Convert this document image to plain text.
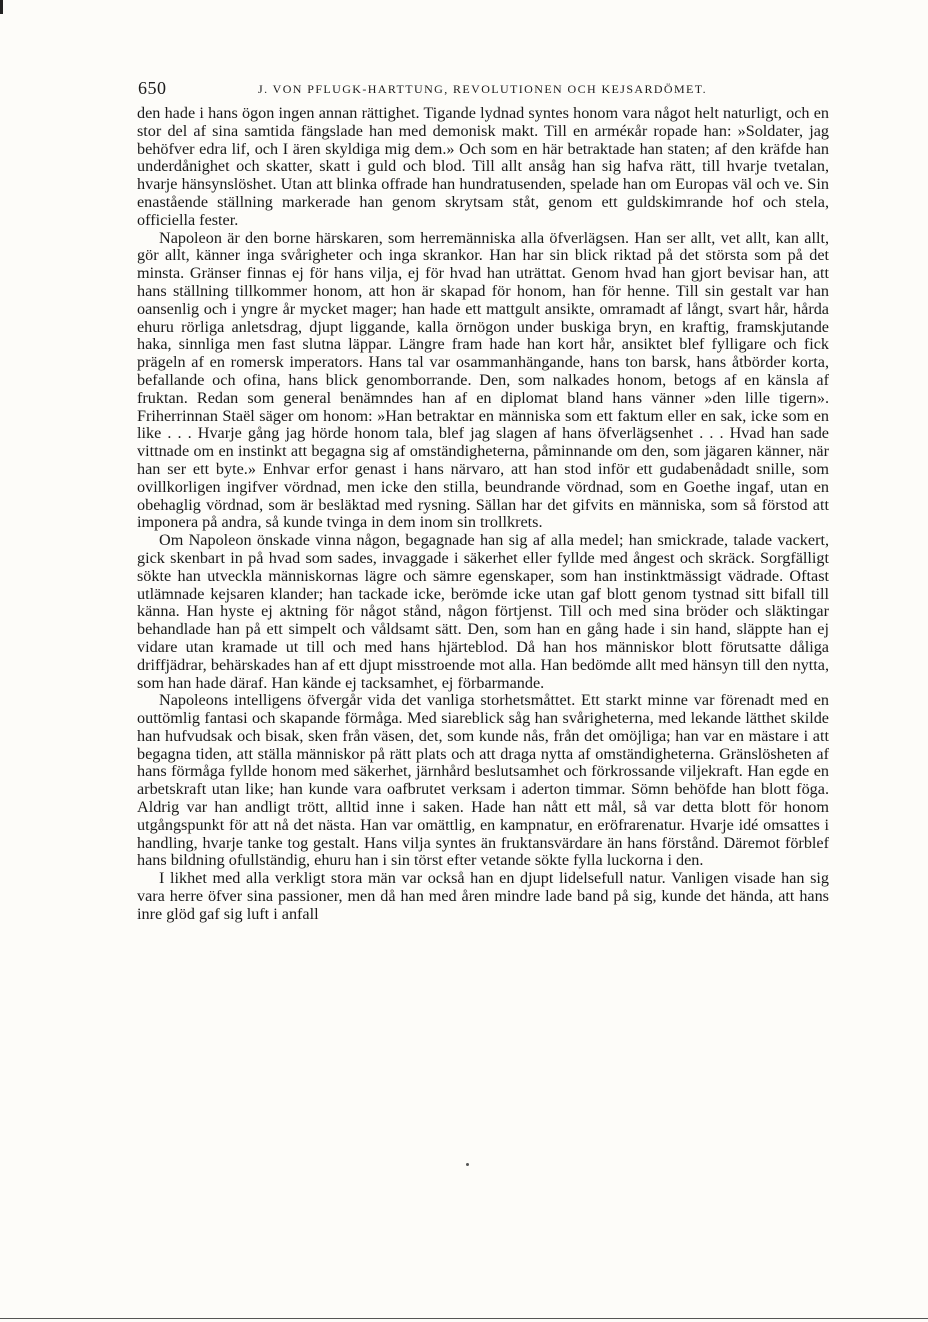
650	J. VON PFLUGK-HARTTUNG, REVOLUTIONEN OCH KEJSARDÖMET.

den hade i hans ögon ingen annan rättighet. Tigande lydnad syntes honom vara något helt naturligt, och en stor del af sina samtida fängslade han med demonisk makt. Till en arméкår ropade han: »Soldater, jag behöfver edra lif, och I ären skyldiga mig dem.» Och som en här betraktade han staten; af den kräfde han underdånighet och skatter, skatt i guld och blod. Till allt ansåg han sig hafva rätt, till hvarje tvetalan, hvarje hänsynslöshet. Utan att blinka offrade han hundratusenden, spelade han om Europas väl och ve. Sin enastående ställning markerade han genom skrytsam ståt, genom ett guldskimrande hof och stela, officiella fester.

Napoleon är den borne härskaren, som herremänniska alla öfverlägsen. Han ser allt, vet allt, kan allt, gör allt, känner inga svårigheter och inga skrankor. Han har sin blick riktad på det största som på det minsta. Gränser finnas ej för hans vilja, ej för hvad han uträttat. Genom hvad han gjort bevisar han, att hans ställning tillkommer honom, att hon är skapad för honom, han för henne. Till sin gestalt var han oansenlig och i yngre år mycket mager; han hade ett mattgult ansikte, omramadt af långt, svart hår, hårda ehuru rörliga anletsdrag, djupt liggande, kalla örnögon under buskiga bryn, en kraftig, framskjutande haka, sinnliga men fast slutna läppar. Längre fram hade han kort hår, ansiktet blef fylligare och fick prägeln af en romersk imperators. Hans tal var osammanhängande, hans ton barsk, hans åtbörder korta, befallande och ofina, hans blick genomborrande. Den, som nalkades honom, betogs af en känsla af fruktan. Redan som general benämndes han af en diplomat bland hans vänner »den lille tigern». Friherrinnan Staël säger om honom: »Han betraktar en människa som ett faktum eller en sak, icke som en like . . . Hvarje gång jag hörde honom tala, blef jag slagen af hans öfverlägsenhet . . . Hvad han sade vittnade om en instinkt att begagna sig af omständigheterna, påminnande om den, som jägaren känner, när han ser ett byte.» Enhvar erfor genast i hans närvaro, att han stod inför ett gudabenådadt snille, som ovillkorligen ingifver vördnad, men icke den stilla, beundrande vördnad, som en Goethe ingaf, utan en obehaglig vördnad, som är besläktad med rysning. Sällan har det gifvits en människa, som så förstod att imponera på andra, så kunde tvinga in dem inom sin trollkrets.

Om Napoleon önskade vinna någon, begagnade han sig af alla medel; han smickrade, talade vackert, gick skenbart in på hvad som sades, invaggade i säkerhet eller fyllde med ångest och skräck. Sorgfälligt sökte han utveckla människornas lägre och sämre egenskaper, som han instinktmässigt vädrade. Oftast utlämnade kejsaren klander; han tackade icke, berömde icke utan gaf blott genom tystnad sitt bifall till känna. Han hyste ej aktning för något stånd, någon förtjenst. Till och med sina bröder och släktingar behandlade han på ett simpelt och våldsamt sätt. Den, som han en gång hade i sin hand, släppte han ej vidare utan kramade ut till och med hans hjärteblod. Då han hos människor blott förutsatte dåliga driffjädrar, behärskades han af ett djupt misstroende mot alla. Han bedömde allt med hänsyn till den nytta, som han hade däraf. Han kände ej tacksamhet, ej förbarmande.

Napoleons intelligens öfvergår vida det vanliga storhetsmåttet. Ett starkt minne var förenadt med en outtömlig fantasi och skapande förmåga. Med siareblick såg han svårigheterna, med lekande lätthet skilde han hufvudsak och bisak, sken från väsen, det, som kunde nås, från det omöjliga; han var en mästare i att begagna tiden, att ställa människor på rätt plats och att draga nytta af omständigheterna. Gränslösheten af hans förmåga fyllde honom med säkerhet, järnhård beslutsamhet och förkrossande viljekraft. Han egde en arbetskraft utan like; han kunde vara oafbrutet verksam i aderton timmar. Sömn behöfde han blott föga. Aldrig var han andligt trött, alltid inne i saken. Hade han nått ett mål, så var detta blott för honom utgångspunkt för att nå det nästa. Han var omättlig, en kampnatur, en eröfrarenatur. Hvarje idé omsattes i handling, hvarje tanke tog gestalt. Hans vilja syntes än fruktansvärdare än hans förstånd. Däremot förblef hans bildning ofullständig, ehuru han i sin törst efter vetande sökte fylla luckorna i den.

I likhet med alla verkligt stora män var också han en djupt lidelsefull natur. Vanligen visade han sig vara herre öfver sina passioner, men då han med åren mindre lade band på sig, kunde det hända, att hans inre glöd gaf sig luft i anfall
